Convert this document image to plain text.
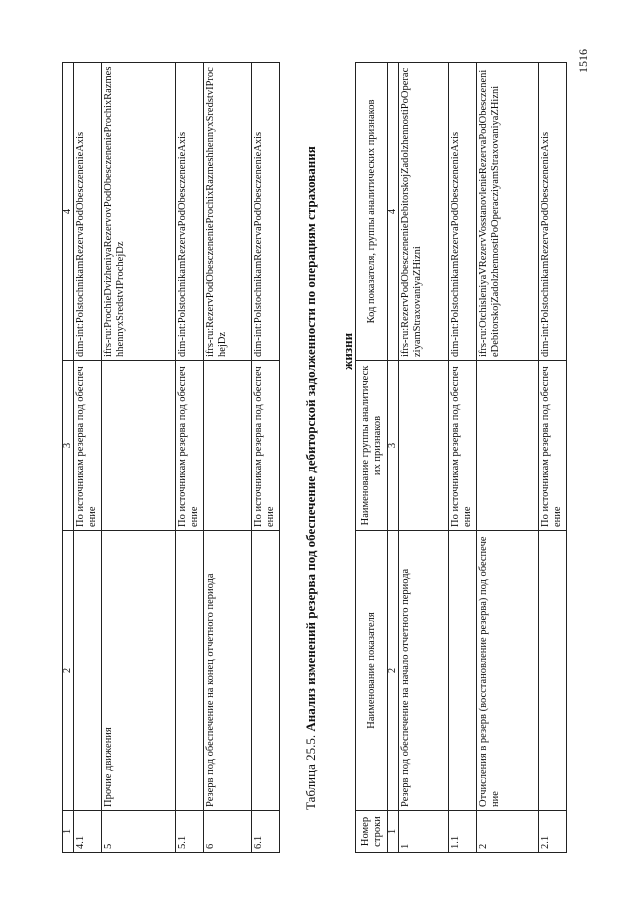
1	2	3	4
4.1		По источникам резерва под обеспечение	dim-int:PolstochnikamRezervaPodObesczenenieAxis
5	Прочие движения		ifrs-ru:ProchieDvizheniyaRezervovPodObesczenenieProchixRazmeshhennyxSredstvIProchejDz
5.1		По источникам резерва под обеспечение	dim-int:PolstochnikamRezervaPodObesczenenieAxis
6	Резерв под обеспечение на конец отчетного периода		ifrs-ru:RezervPodObesczenenieProchixRazmeshhennyxSredstvIProchejDz
6.1		По источникам резерва под обеспечение	dim-int:PolstochnikamRezervaPodObesczenenieAxis
Таблица 25.5. Анализ изменений резерва под обеспечение дебиторской задолженности по операциям страхования жизни
Номер строки	Наименование показателя	Наименование группы аналитических признаков	Код показателя, группы аналитических признаков
1	2	3	4
1	Резерв под обеспечение на начало отчетного периода		ifrs-ru:RezervPodObesczenenieDebitorskojZadolzhennostiPoOperacziyamStraxovaniyaZHizni
1.1		По источникам резерва под обеспечение	dim-int:PolstochnikamRezervaPodObesczenenieAxis
2	Отчисления в резерв (восстановление резерва) под обеспечение		ifrs-ru:OtchisleniyaVRezervVosstanovlenieRezervaPodObesczenenieDebitorskojZadolzhennostiPoOperacziyamStraxovaniyaZHizni
2.1		По источникам резерва под обеспечение	dim-int:PolstochnikamRezervaPodObesczenenieAxis
1516
